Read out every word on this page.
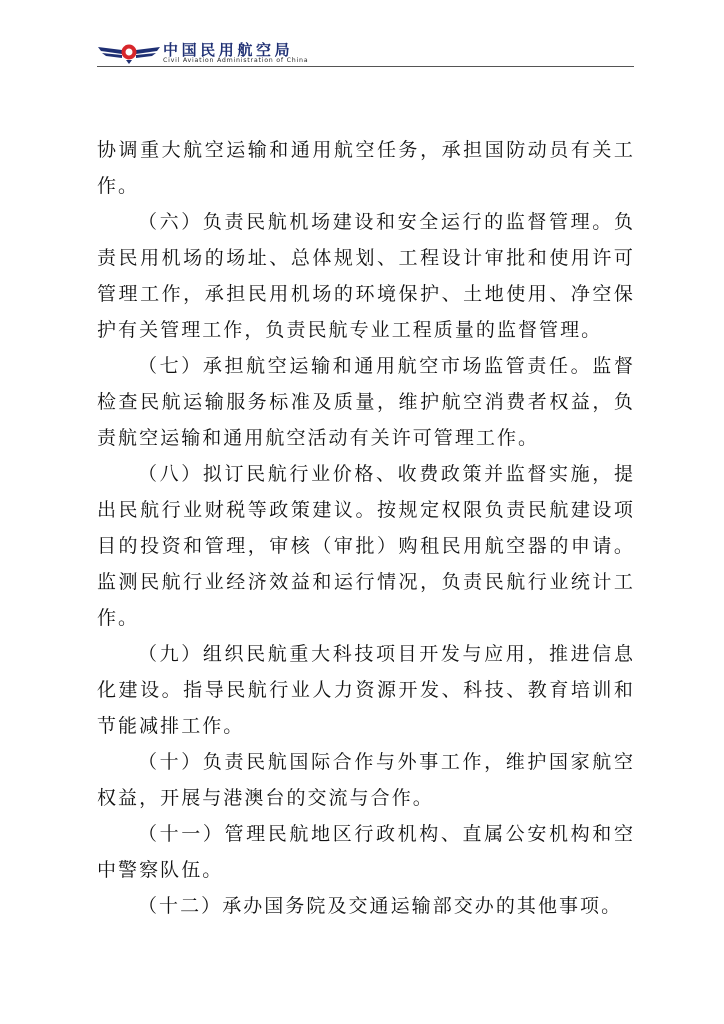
中国民用航空局
Civil Aviation Administration of China

协调重大航空运输和通用航空任务，承担国防动员有关工作。

（六）负责民航机场建设和安全运行的监督管理。负责民用机场的场址、总体规划、工程设计审批和使用许可管理工作，承担民用机场的环境保护、土地使用、净空保护有关管理工作，负责民航专业工程质量的监督管理。

（七）承担航空运输和通用航空市场监管责任。监督检查民航运输服务标准及质量，维护航空消费者权益，负责航空运输和通用航空活动有关许可管理工作。

（八）拟订民航行业价格、收费政策并监督实施，提出民航行业财税等政策建议。按规定权限负责民航建设项目的投资和管理，审核（审批）购租民用航空器的申请。监测民航行业经济效益和运行情况，负责民航行业统计工作。

（九）组织民航重大科技项目开发与应用，推进信息化建设。指导民航行业人力资源开发、科技、教育培训和节能减排工作。

（十）负责民航国际合作与外事工作，维护国家航空权益，开展与港澳台的交流与合作。

（十一）管理民航地区行政机构、直属公安机构和空中警察队伍。

（十二）承办国务院及交通运输部交办的其他事项。
